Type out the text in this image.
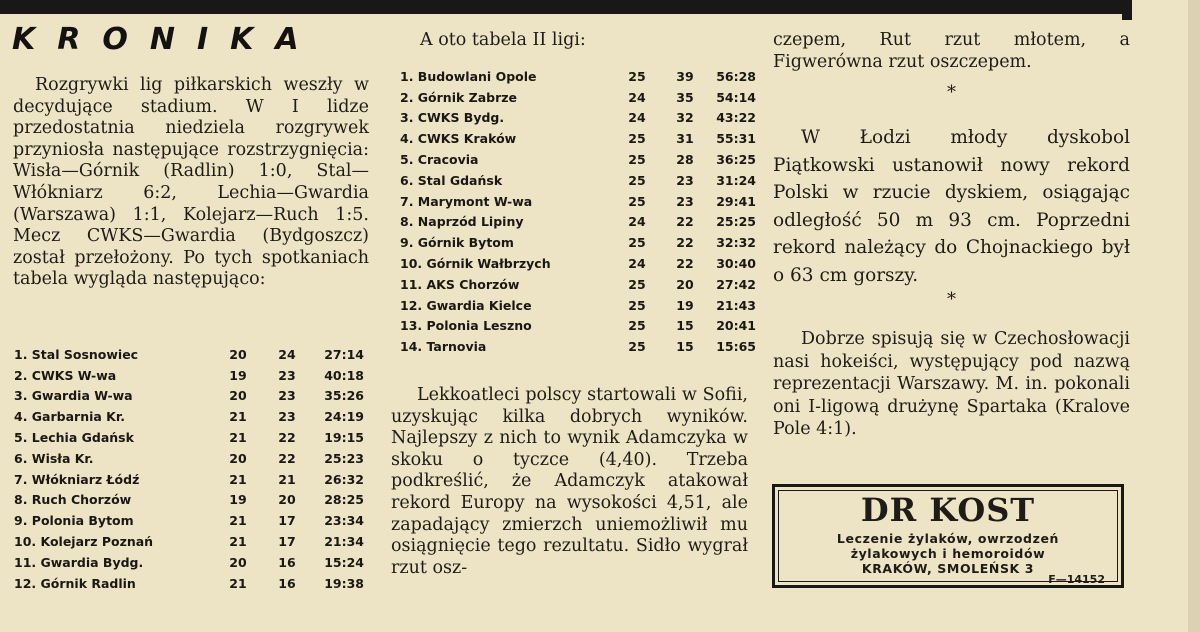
KRONIKA

Rozgrywki lig piłkarskich weszły w decydujące stadium. W I lidze przedostatnia niedziela rozgrywek przyniosła następujące rozstrzygnięcia: Wisła—Górnik (Radlin) 1:0, Stal—Włókniarz 6:2, Lechia—Gwardia (Warszawa) 1:1, Kolejarz—Ruch 1:5. Mecz CWKS—Gwardia (Bydgoszcz) został przełożony. Po tych spotkaniach tabela wygląda następująco:

1. Stal Sosnowiec	20	24	27:14
2. CWKS W-wa	19	23	40:18
3. Gwardia W-wa	20	23	35:26
4. Garbarnia Kr.	21	23	24:19
5. Lechia Gdańsk	21	22	19:15
6. Wisła Kr.	20	22	25:23
7. Włókniarz Łódź	21	21	26:32
8. Ruch Chorzów	19	20	28:25
9. Polonia Bytom	21	17	23:34
10. Kolejarz Poznań	21	17	21:34
11. Gwardia Bydg.	20	16	15:24
12. Górnik Radlin	21	16	19:38
A oto tabela II ligi:
1. Budowlani Opole	25	39	56:28
2. Górnik Zabrze	24	35	54:14
3. CWKS Bydg.	24	32	43:22
4. CWKS Kraków	25	31	55:31
5. Cracovia	25	28	36:25
6. Stal Gdańsk	25	23	31:24
7. Marymont W-wa	25	23	29:41
8. Naprzód Lipiny	24	22	25:25
9. Górnik Bytom	25	22	32:32
10. Górnik Wałbrzych	24	22	30:40
11. AKS Chorzów	25	20	27:42
12. Gwardia Kielce	25	19	21:43
13. Polonia Leszno	25	15	20:41
14. Tarnovia	25	15	15:65

Lekkoatleci polscy startowali w Sofii, uzyskując kilka dobrych wyników. Najlepszy z nich to wynik Adamczyka w skoku o tyczce (4,40). Trzeba podkreślić, że Adamczyk atakował rekord Europy na wysokości 4,51, ale zapadający zmierzch uniemożliwił mu osiągnięcie tego rezultatu. Sidło wygrał rzut osz-

czepem, Rut rzut młotem, a Figwerówna rzut oszczepem.

*

W Łodzi młody dyskobol Piątkowski ustanowił nowy rekord Polski w rzucie dyskiem, osiągając odległość 50 m 93 cm. Poprzedni rekord należący do Chojnackiego był o 63 cm gorszy.

*

Dobrze spisują się w Czechosłowacji nasi hokeiści, występujący pod nazwą reprezentacji Warszawy. M. in. pokonali oni I-ligową drużynę Spartaka (Kralove Pole 4:1).

DR KOST
Leczenie żylaków, owrzodzeń
żylakowych i hemoroidów
KRAKÓW, SMOLEŃSK 3
F—14152
